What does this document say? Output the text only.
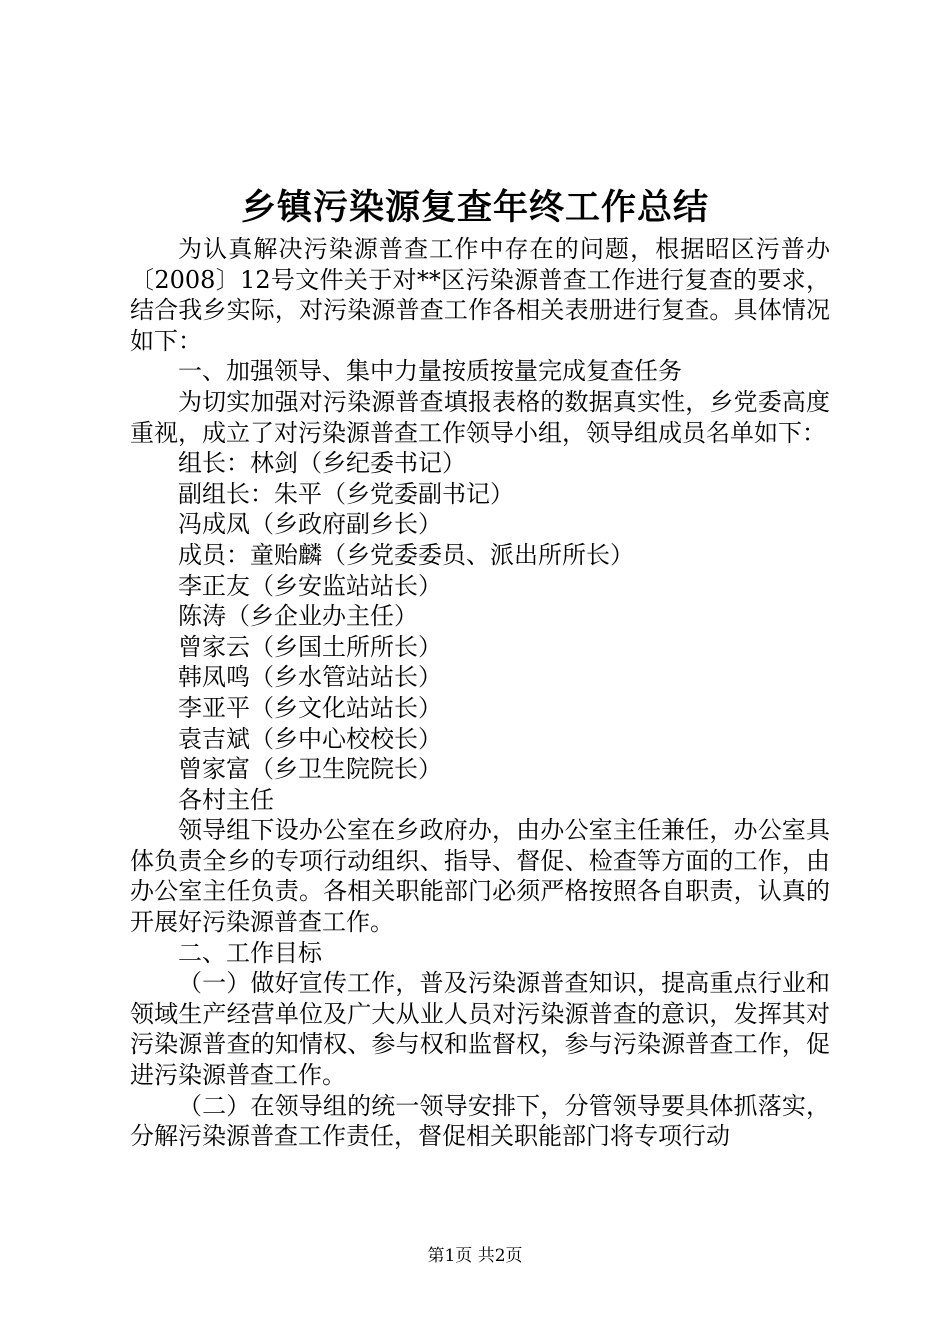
乡镇污染源复查年终工作总结

为认真解决污染源普查工作中存在的问题，根据昭区污普办〔2008〕12号文件关于对**区污染源普查工作进行复查的要求，结合我乡实际，对污染源普查工作各相关表册进行复查。具体情况如下：

一、加强领导、集中力量按质按量完成复查任务

为切实加强对污染源普查填报表格的数据真实性，乡党委高度重视，成立了对污染源普查工作领导小组，领导组成员名单如下：

组长：林剑（乡纪委书记）

副组长：朱平（乡党委副书记）

冯成凤（乡政府副乡长）

成员：童贻麟（乡党委委员、派出所所长）

李正友（乡安监站站长）

陈涛（乡企业办主任）

曾家云（乡国土所所长）

韩凤鸣（乡水管站站长）

李亚平（乡文化站站长）

袁吉斌（乡中心校校长）

曾家富（乡卫生院院长）

各村主任

领导组下设办公室在乡政府办，由办公室主任兼任，办公室具体负责全乡的专项行动组织、指导、督促、检查等方面的工作，由办公室主任负责。各相关职能部门必须严格按照各自职责，认真的开展好污染源普查工作。

二、工作目标

（一）做好宣传工作，普及污染源普查知识，提高重点行业和领域生产经营单位及广大从业人员对污染源普查的意识，发挥其对污染源普查的知情权、参与权和监督权，参与污染源普查工作，促进污染源普查工作。

（二）在领导组的统一领导安排下，分管领导要具体抓落实，分解污染源普查工作责任，督促相关职能部门将专项行动

第1页 共2页
